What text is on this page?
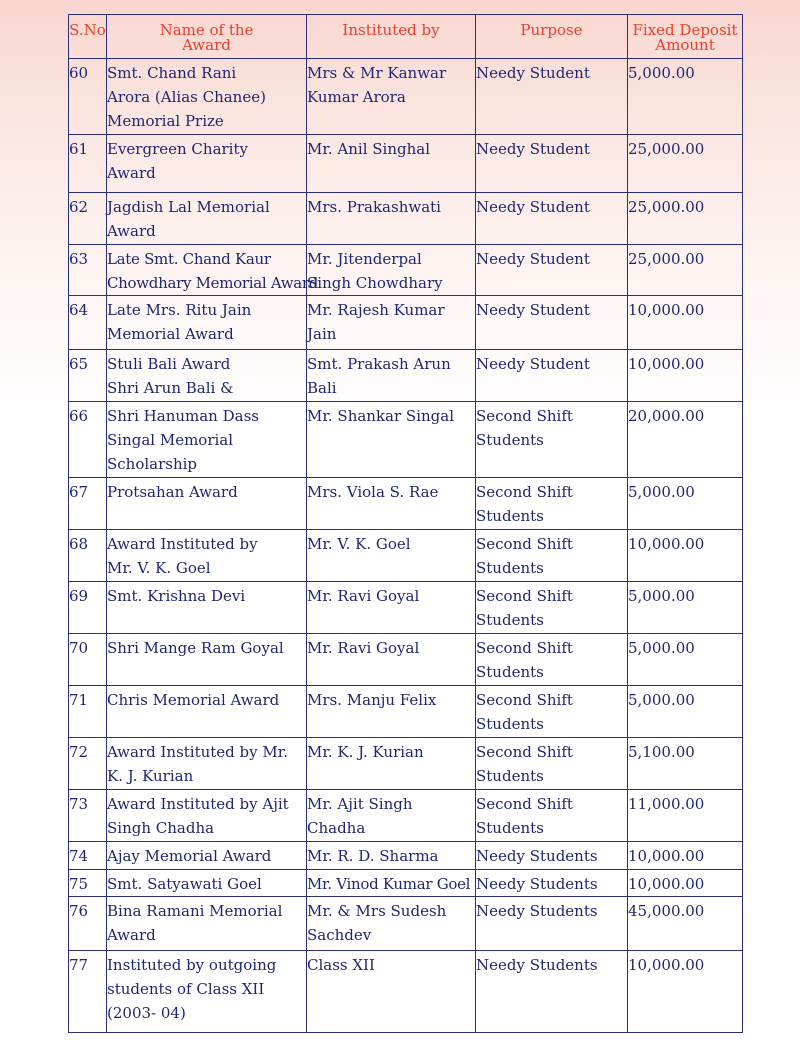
S.No	Name of the
Award	Instituted by	Purpose	Fixed Deposit
Amount

60	Smt. Chand Rani
Arora (Alias Chanee)
Memorial Prize	Mrs & Mr Kanwar
Kumar Arora	Needy Student	5,000.00
61	Evergreen Charity
Award	Mr. Anil Singhal	Needy Student	25,000.00
62	Jagdish Lal Memorial
Award	Mrs. Prakashwati	Needy Student	25,000.00
63	Late Smt. Chand Kaur
Chowdhary Memorial Award	Mr. Jitenderpal
Singh Chowdhary	Needy Student	25,000.00
64	Late Mrs. Ritu Jain
Memorial Award	Mr. Rajesh Kumar
Jain	Needy Student	10,000.00
65	Stuli Bali Award
Shri Arun Bali &	Smt. Prakash Arun
Bali	Needy Student	10,000.00
66	Shri Hanuman Dass
Singal Memorial
Scholarship	Mr. Shankar Singal	Second Shift
Students	20,000.00
67	Protsahan Award	Mrs. Viola S. Rae	Second Shift
Students	5,000.00
68	Award Instituted by
Mr. V. K. Goel	Mr. V. K. Goel	Second Shift
Students	10,000.00
69	Smt. Krishna Devi	Mr. Ravi Goyal	Second Shift
Students	5,000.00
70	Shri Mange Ram Goyal	Mr. Ravi Goyal	Second Shift
Students	5,000.00
71	Chris Memorial Award	Mrs. Manju Felix	Second Shift
Students	5,000.00
72	Award Instituted by Mr.
K. J. Kurian	Mr. K. J. Kurian	Second Shift
Students	5,100.00
73	Award Instituted by Ajit
Singh Chadha	Mr. Ajit Singh
Chadha	Second Shift
Students	11,000.00
74	Ajay Memorial Award	Mr. R. D. Sharma	Needy Students	10,000.00
75	Smt. Satyawati Goel	Mr. Vinod Kumar Goel	Needy Students	10,000.00
76	Bina Ramani Memorial
Award	Mr. & Mrs Sudesh
Sachdev	Needy Students	45,000.00
77	Instituted by outgoing
students of Class XII
(2003- 04)	Class XII	Needy Students	10,000.00
